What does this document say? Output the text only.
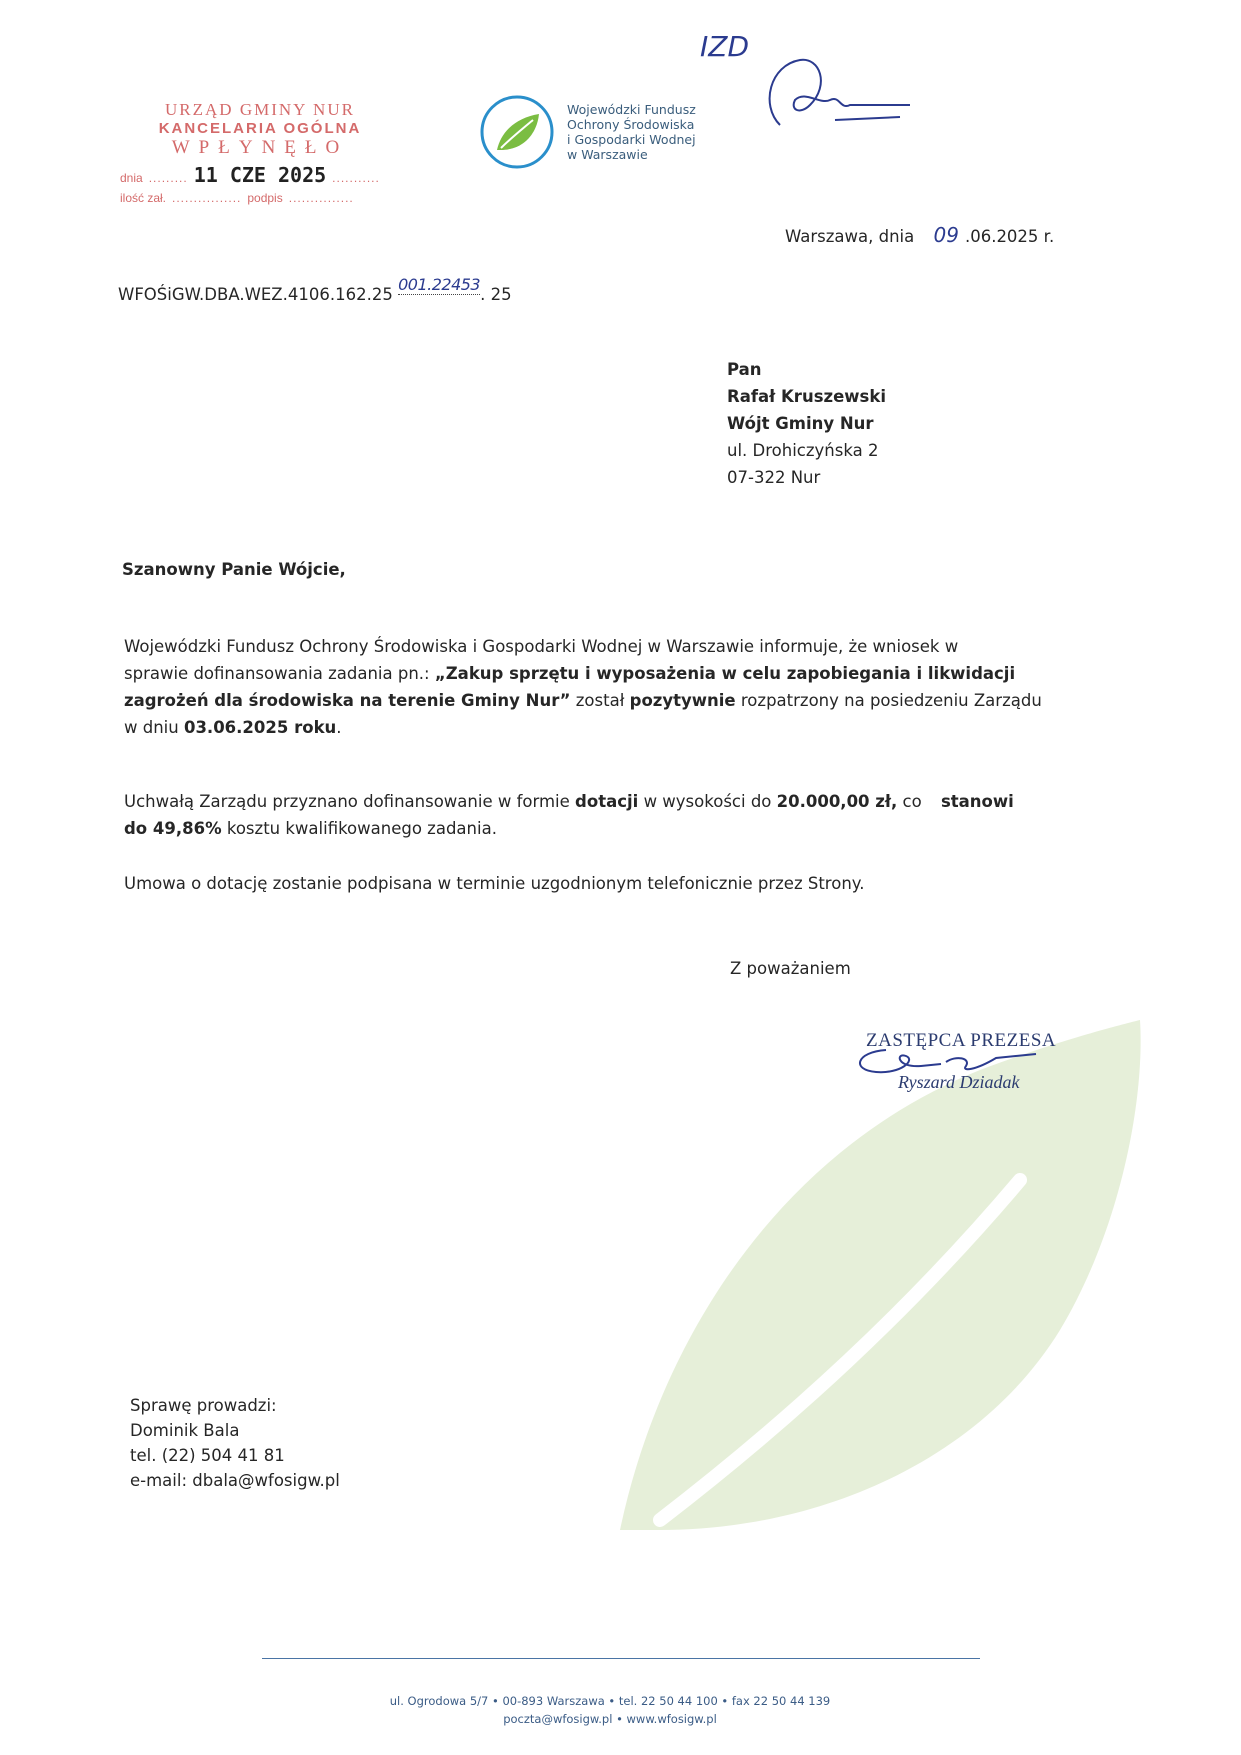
URZĄD GMINY NUR
KANCELARIA OGÓLNA
WPŁYNĘŁO
dnia ......... 11 CZE 2025 ...........
ilość zał. ................ podpis ...............
Wojewódzki Fundusz
Ochrony Środowiska
i Gospodarki Wodnej
w Warszawie
IZD
Warszawa, dnia 09 .06.2025 r.
WFOŚiGW.DBA.WEZ.4106.162.25 001.22453. 25
Pan
Rafał Kruszewski
Wójt Gminy Nur
ul. Drohiczyńska 2
07-322 Nur
Szanowny Panie Wójcie,
Wojewódzki Fundusz Ochrony Środowiska i Gospodarki Wodnej w Warszawie informuje, że wniosek w
sprawie dofinansowania zadania pn.: „Zakup sprzętu i wyposażenia w celu zapobiegania i likwidacji
zagrożeń dla środowiska na terenie Gminy Nur” został pozytywnie rozpatrzony na posiedzeniu Zarządu
w dniu 03.06.2025 roku.
Uchwałą Zarządu przyznano dofinansowanie w formie dotacji w wysokości do 20.000,00 zł, co stanowi
do 49,86% kosztu kwalifikowanego zadania.
Umowa o dotację zostanie podpisana w terminie uzgodnionym telefonicznie przez Strony.
Z poważaniem
ZASTĘPCA PREZESA
Ryszard Dziadak
Sprawę prowadzi:
Dominik Bala
tel. (22) 504 41 81
e-mail: dbala@wfosigw.pl
ul. Ogrodowa 5/7 • 00-893 Warszawa • tel. 22 50 44 100 • fax 22 50 44 139
poczta@wfosigw.pl • www.wfosigw.pl
